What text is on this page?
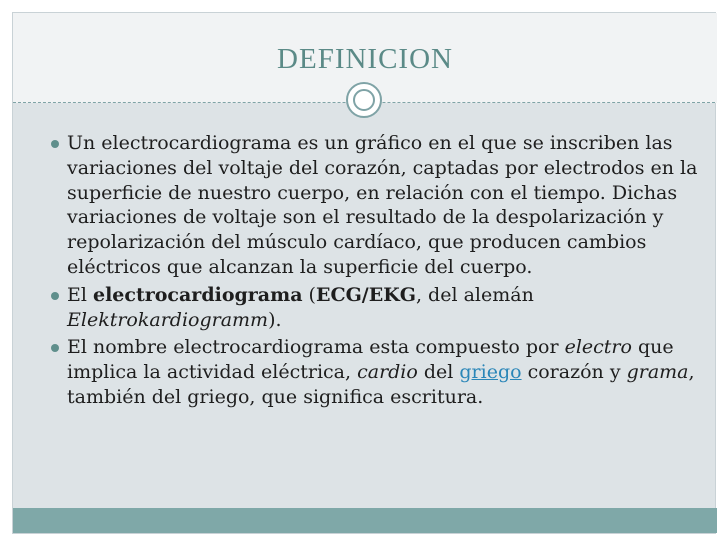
DEFINICION
Un electrocardiograma es un gráfico en el que se inscriben las variaciones del voltaje del corazón, captadas por electrodos en la superficie de nuestro cuerpo, en relación con el tiempo. Dichas variaciones de voltaje son el resultado de la despolarización y repolarización del músculo cardíaco, que producen cambios eléctricos que alcanzan la superficie del cuerpo.
El electrocardiograma (ECG/EKG, del alemán Elektrokardiogramm).
El nombre electrocardiograma esta compuesto por electro que implica la actividad eléctrica, cardio del griego corazón y grama, también del griego, que significa escritura.
